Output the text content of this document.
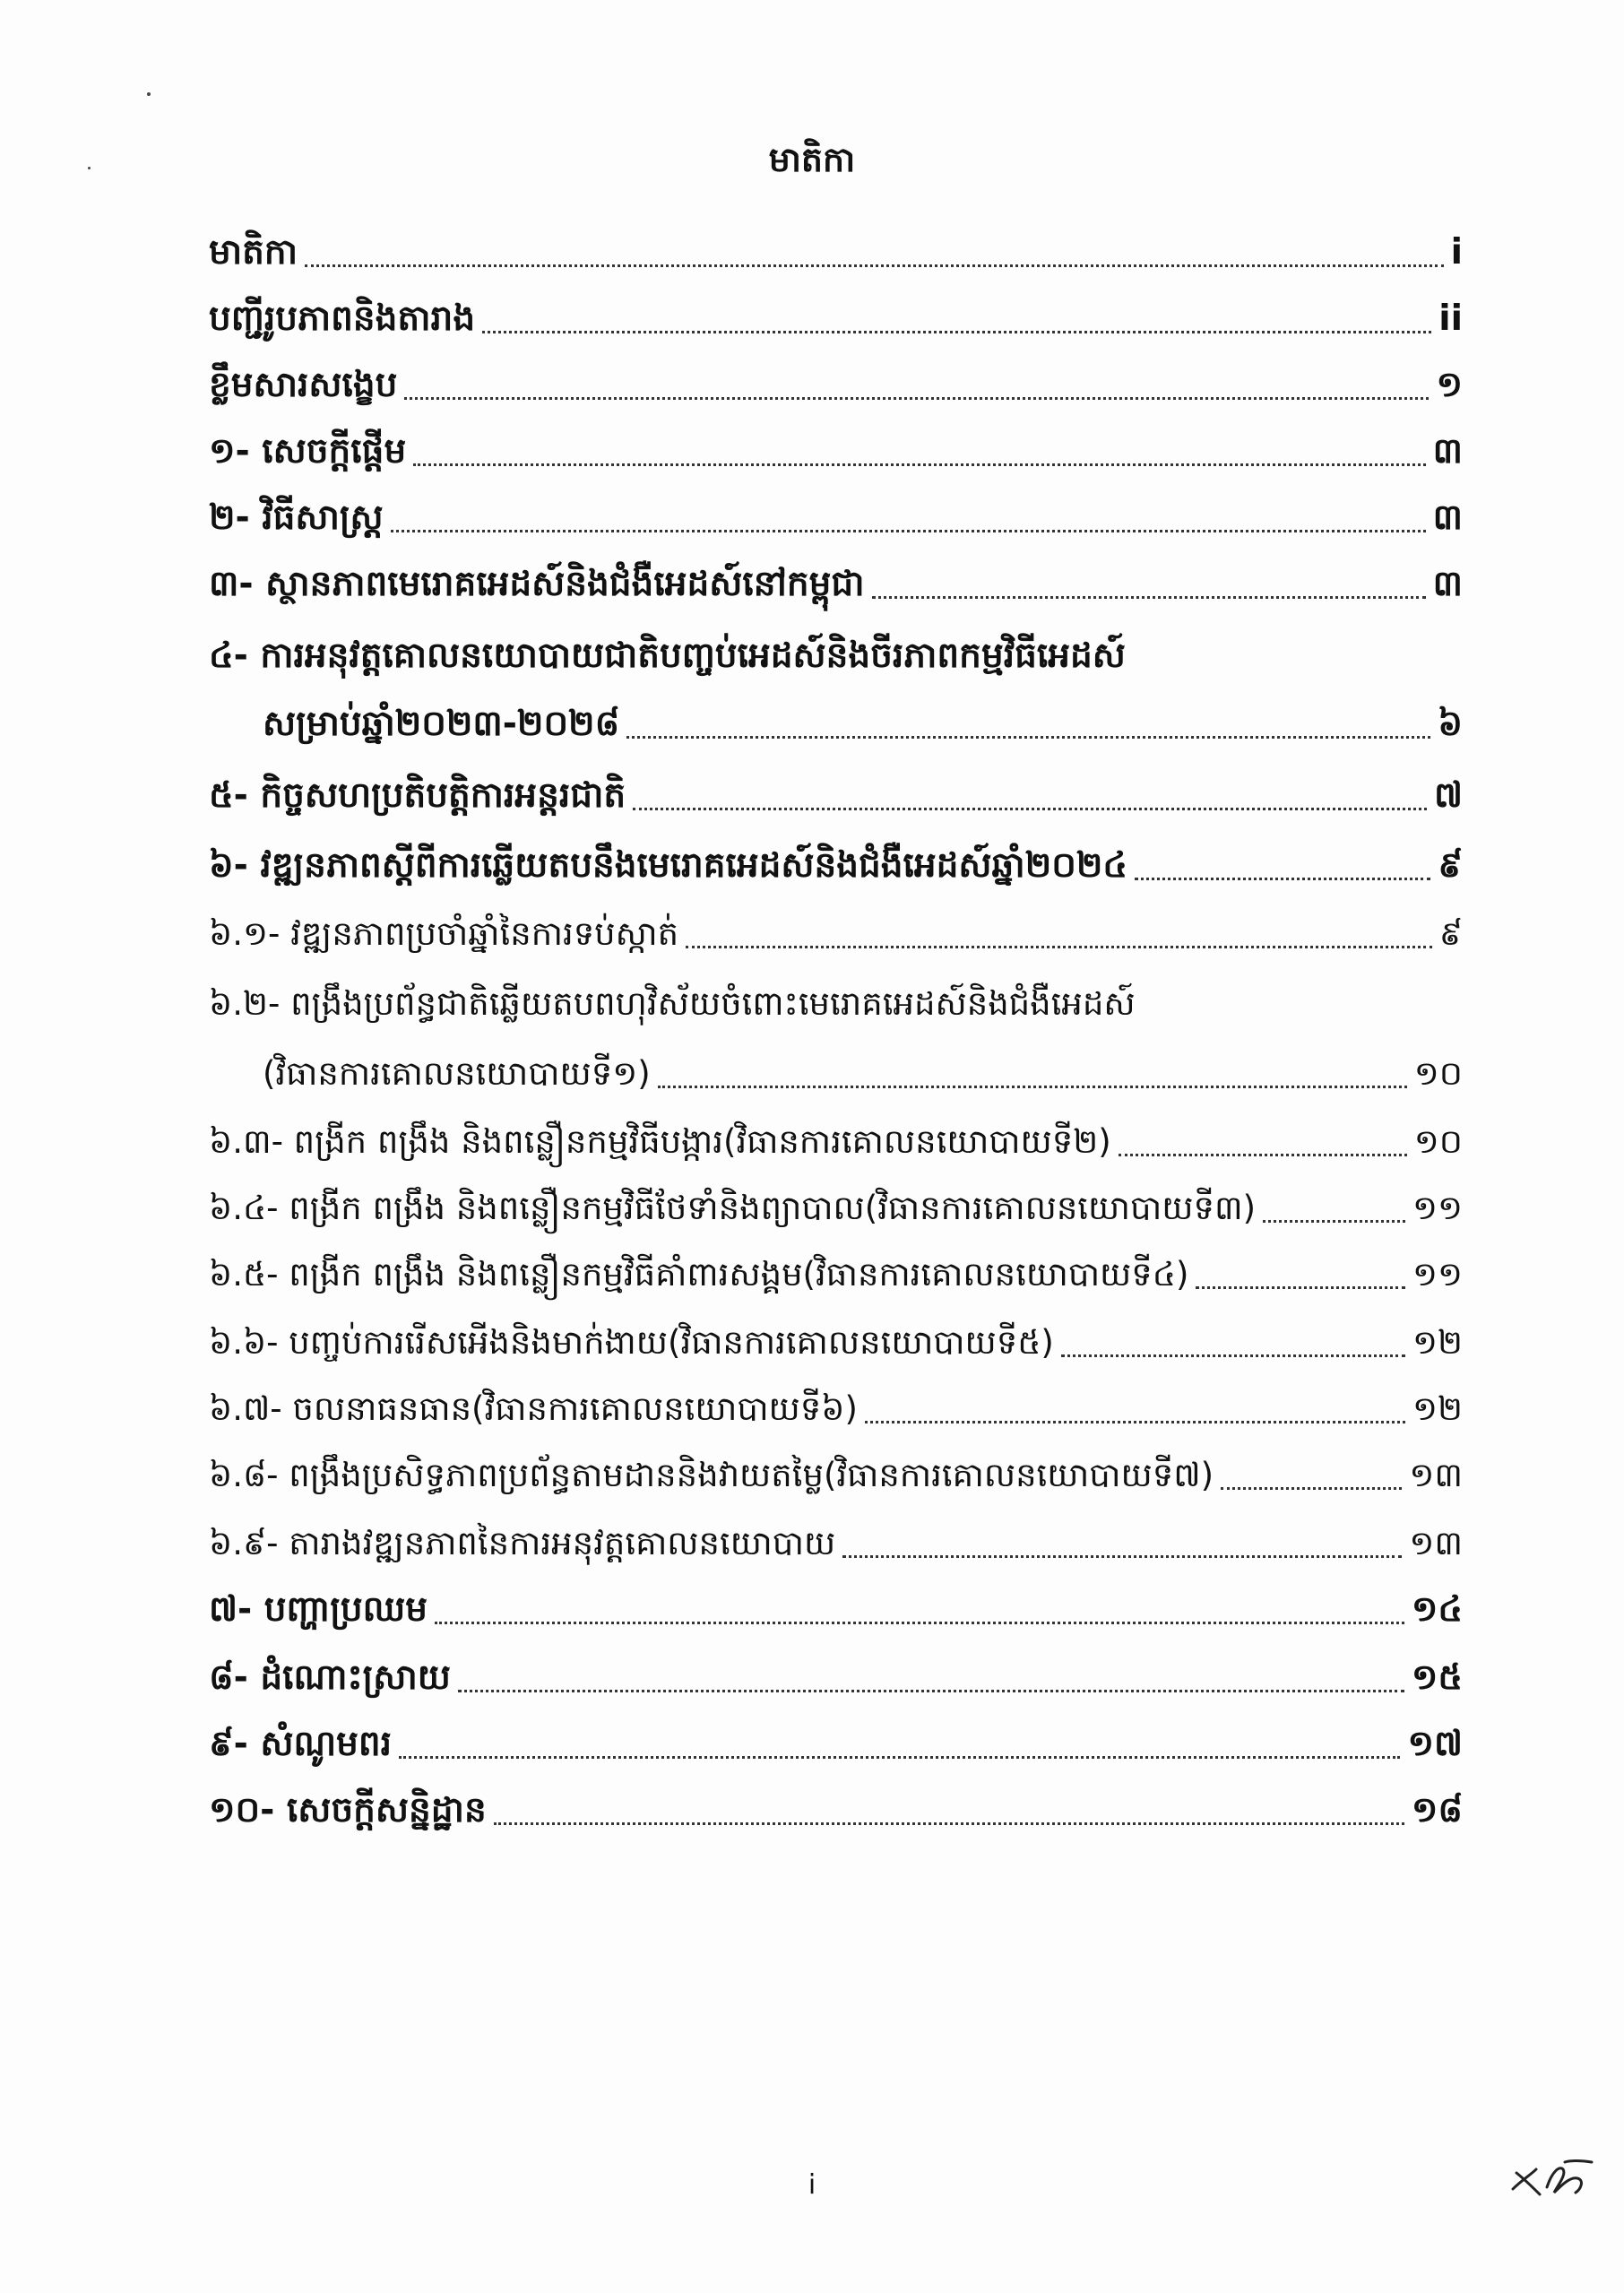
មាតិកា
មាតិកា	i
បញ្ជីរូបភាពនិងតារាង	ii
ខ្លឹមសារសង្ខេប	១
១- សេចក្តីផ្តើម	៣
២- វិធីសាស្ត្រ	៣
៣- ស្ថានភាពមេរោគអេដស៍និងជំងឺអេដស៍នៅកម្ពុជា	៣
៤- ការអនុវត្តគោលនយោបាយជាតិបញ្ចប់អេដស៍និងចីរភាពកម្មវិធីអេដស៍
សម្រាប់ឆ្នាំ២០២៣-២០២៨	៦
៥- កិច្ចសហប្រតិបត្តិការអន្តរជាតិ	៧
៦- វឌ្ឍនភាពស្តីពីការឆ្លើយតបនឹងមេរោគអេដស៍និងជំងឺអេដស៍ឆ្នាំ២០២៤	៩
៦.១- វឌ្ឍនភាពប្រចាំឆ្នាំនៃការទប់ស្កាត់	៩
៦.២- ពង្រឹងប្រព័ន្ធជាតិឆ្លើយតបពហុវិស័យចំពោះមេរោគអេដស៍និងជំងឺអេដស៍
(វិធានការគោលនយោបាយទី១)	១០
៦.៣- ពង្រីក ពង្រឹង និងពន្លឿនកម្មវិធីបង្ការ(វិធានការគោលនយោបាយទី២)	១០
៦.៤- ពង្រីក ពង្រឹង និងពន្លឿនកម្មវិធីថែទាំនិងព្យាបាល(វិធានការគោលនយោបាយទី៣)	១១
៦.៥- ពង្រីក ពង្រឹង និងពន្លឿនកម្មវិធីគាំពារសង្គម(វិធានការគោលនយោបាយទី៤)	១១
៦.៦- បញ្ចប់ការរើសអើងនិងមាក់ងាយ(វិធានការគោលនយោបាយទី៥)	១២
៦.៧- ចលនាធនធាន(វិធានការគោលនយោបាយទី៦)	១២
៦.៨- ពង្រឹងប្រសិទ្ធភាពប្រព័ន្ធតាមដាននិងវាយតម្លៃ(វិធានការគោលនយោបាយទី៧)	១៣
៦.៩- តារាងវឌ្ឍនភាពនៃការអនុវត្តគោលនយោបាយ	១៣
៧- បញ្ហាប្រឈម	១៤
៨- ដំណោះស្រាយ	១៥
៩- សំណូមពរ	១៧
១០- សេចក្តីសន្និដ្ឋាន	១៨
i
